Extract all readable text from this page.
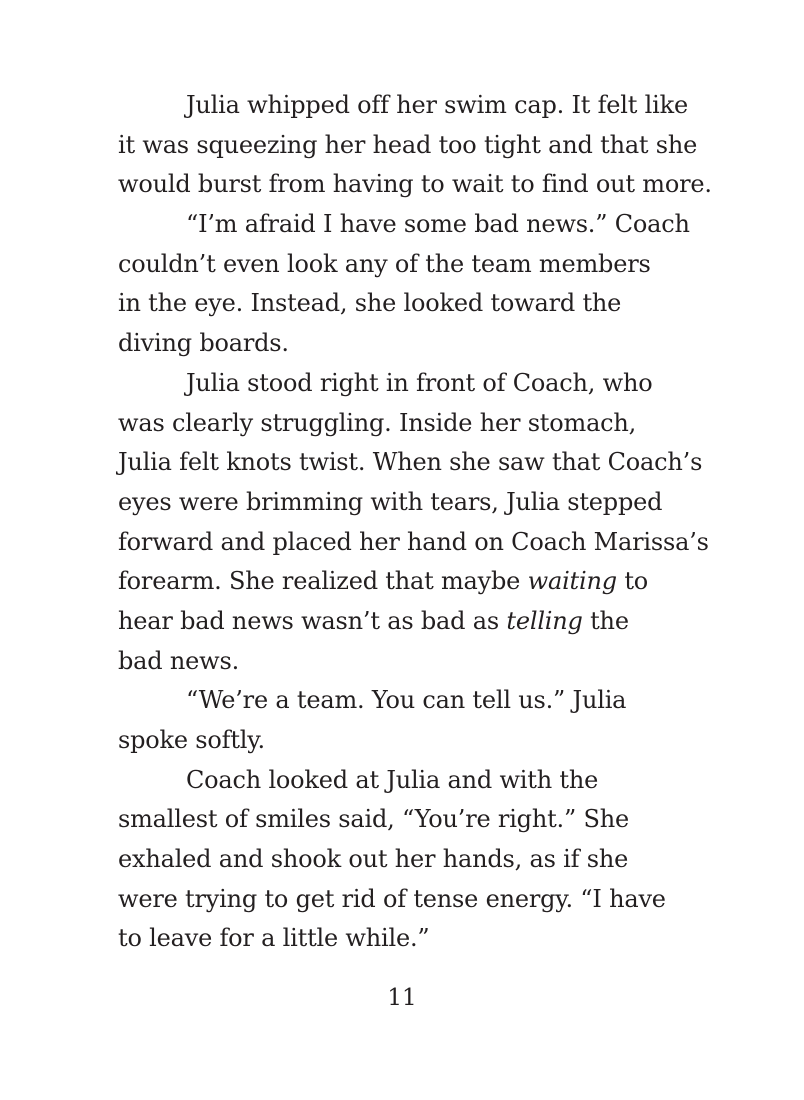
Julia whipped off her swim cap. It felt like
it was squeezing her head too tight and that she
would burst from having to wait to find out more.
“I’m afraid I have some bad news.” Coach
couldn’t even look any of the team members
in the eye. Instead, she looked toward the
diving boards.
Julia stood right in front of Coach, who
was clearly struggling. Inside her stomach,
Julia felt knots twist. When she saw that Coach’s
eyes were brimming with tears, Julia stepped
forward and placed her hand on Coach Marissa’s
forearm. She realized that maybe waiting to
hear bad news wasn’t as bad as telling the
bad news.
“We’re a team. You can tell us.” Julia
spoke softly.
Coach looked at Julia and with the
smallest of smiles said, “You’re right.” She
exhaled and shook out her hands, as if she
were trying to get rid of tense energy. “I have
to leave for a little while.”
11
